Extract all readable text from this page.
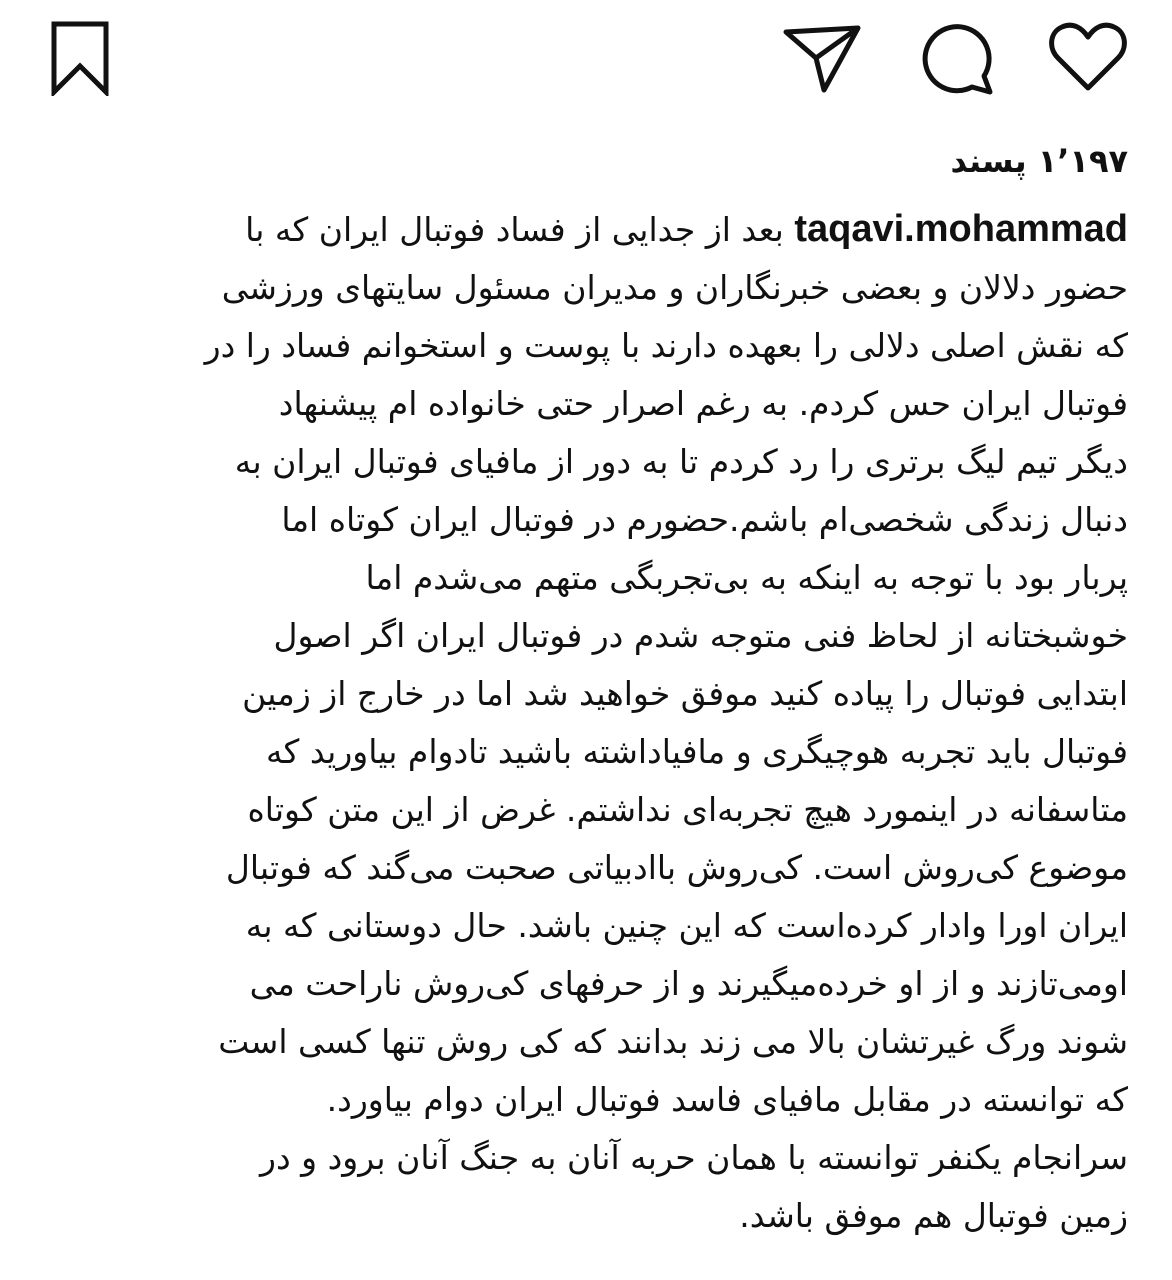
۱٬۱۹۷ پسند
taqavi.mohammad بعد از جدایی از فساد فوتبال ایران که با
حضور دلالان و بعضی خبرنگاران و مدیران مسئول سایتهای ورزشی
که نقش اصلی دلالی را بعهده دارند با پوست و استخوانم فساد را در
فوتبال ایران حس کردم. به رغم اصرار حتی خانواده ام پیشنهاد
دیگر تیم لیگ برتری را رد کردم تا به دور از مافیای فوتبال ایران به
دنبال زندگی شخصی‌ام باشم.حضورم در فوتبال ایران کوتاه اما
پربار بود با توجه به اینکه به بی‌تجربگی متهم می‌شدم اما
خوشبختانه از لحاظ فنی متوجه شدم در فوتبال ایران اگر اصول
ابتدایی فوتبال را پیاده کنید موفق خواهید شد اما در خارج از زمین
فوتبال باید تجربه هوچیگری و مافیاداشته باشید تادوام بیاورید که
متاسفانه در اینمورد هیچ تجربه‌ای نداشتم. غرض از این متن کوتاه
موضوع کی‌روش است. کی‌روش باادبیاتی صحبت می‌گند که فوتبال
ایران اورا وادار کرده‌است که این چنین باشد. حال دوستانی که به
اومی‌تازند و از او خرده‌میگیرند و از حرفهای کی‌روش ناراحت می
شوند ورگ غیرتشان بالا می زند بدانند که کی روش تنها کسی است
که توانسته در مقابل مافیای فاسد فوتبال ایران دوام بیاورد.
سرانجام یکنفر توانسته با همان حربه آنان به جنگ آنان برود و در
زمین فوتبال هم موفق باشد.
